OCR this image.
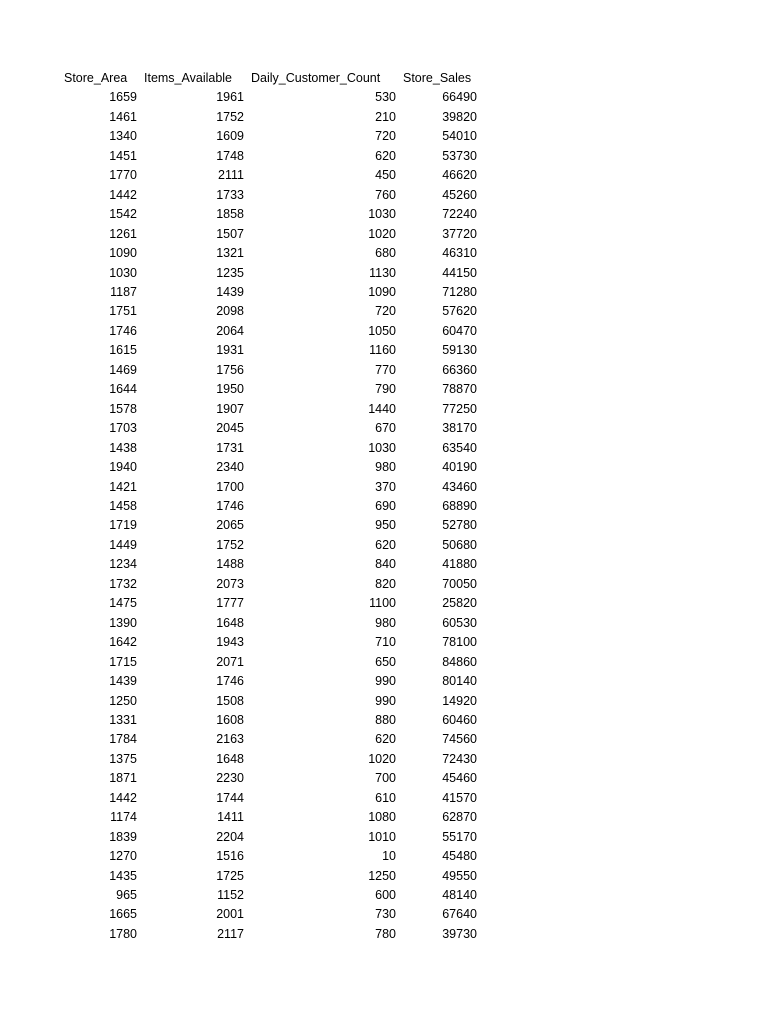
Store_Area	Items_Available	Daily_Customer_Count	Store_Sales
1659	1961	530	66490
1461	1752	210	39820
1340	1609	720	54010
1451	1748	620	53730
1770	2111	450	46620
1442	1733	760	45260
1542	1858	1030	72240
1261	1507	1020	37720
1090	1321	680	46310
1030	1235	1130	44150
1187	1439	1090	71280
1751	2098	720	57620
1746	2064	1050	60470
1615	1931	1160	59130
1469	1756	770	66360
1644	1950	790	78870
1578	1907	1440	77250
1703	2045	670	38170
1438	1731	1030	63540
1940	2340	980	40190
1421	1700	370	43460
1458	1746	690	68890
1719	2065	950	52780
1449	1752	620	50680
1234	1488	840	41880
1732	2073	820	70050
1475	1777	1100	25820
1390	1648	980	60530
1642	1943	710	78100
1715	2071	650	84860
1439	1746	990	80140
1250	1508	990	14920
1331	1608	880	60460
1784	2163	620	74560
1375	1648	1020	72430
1871	2230	700	45460
1442	1744	610	41570
1174	1411	1080	62870
1839	2204	1010	55170
1270	1516	10	45480
1435	1725	1250	49550
965	1152	600	48140
1665	2001	730	67640
1780	2117	780	39730
